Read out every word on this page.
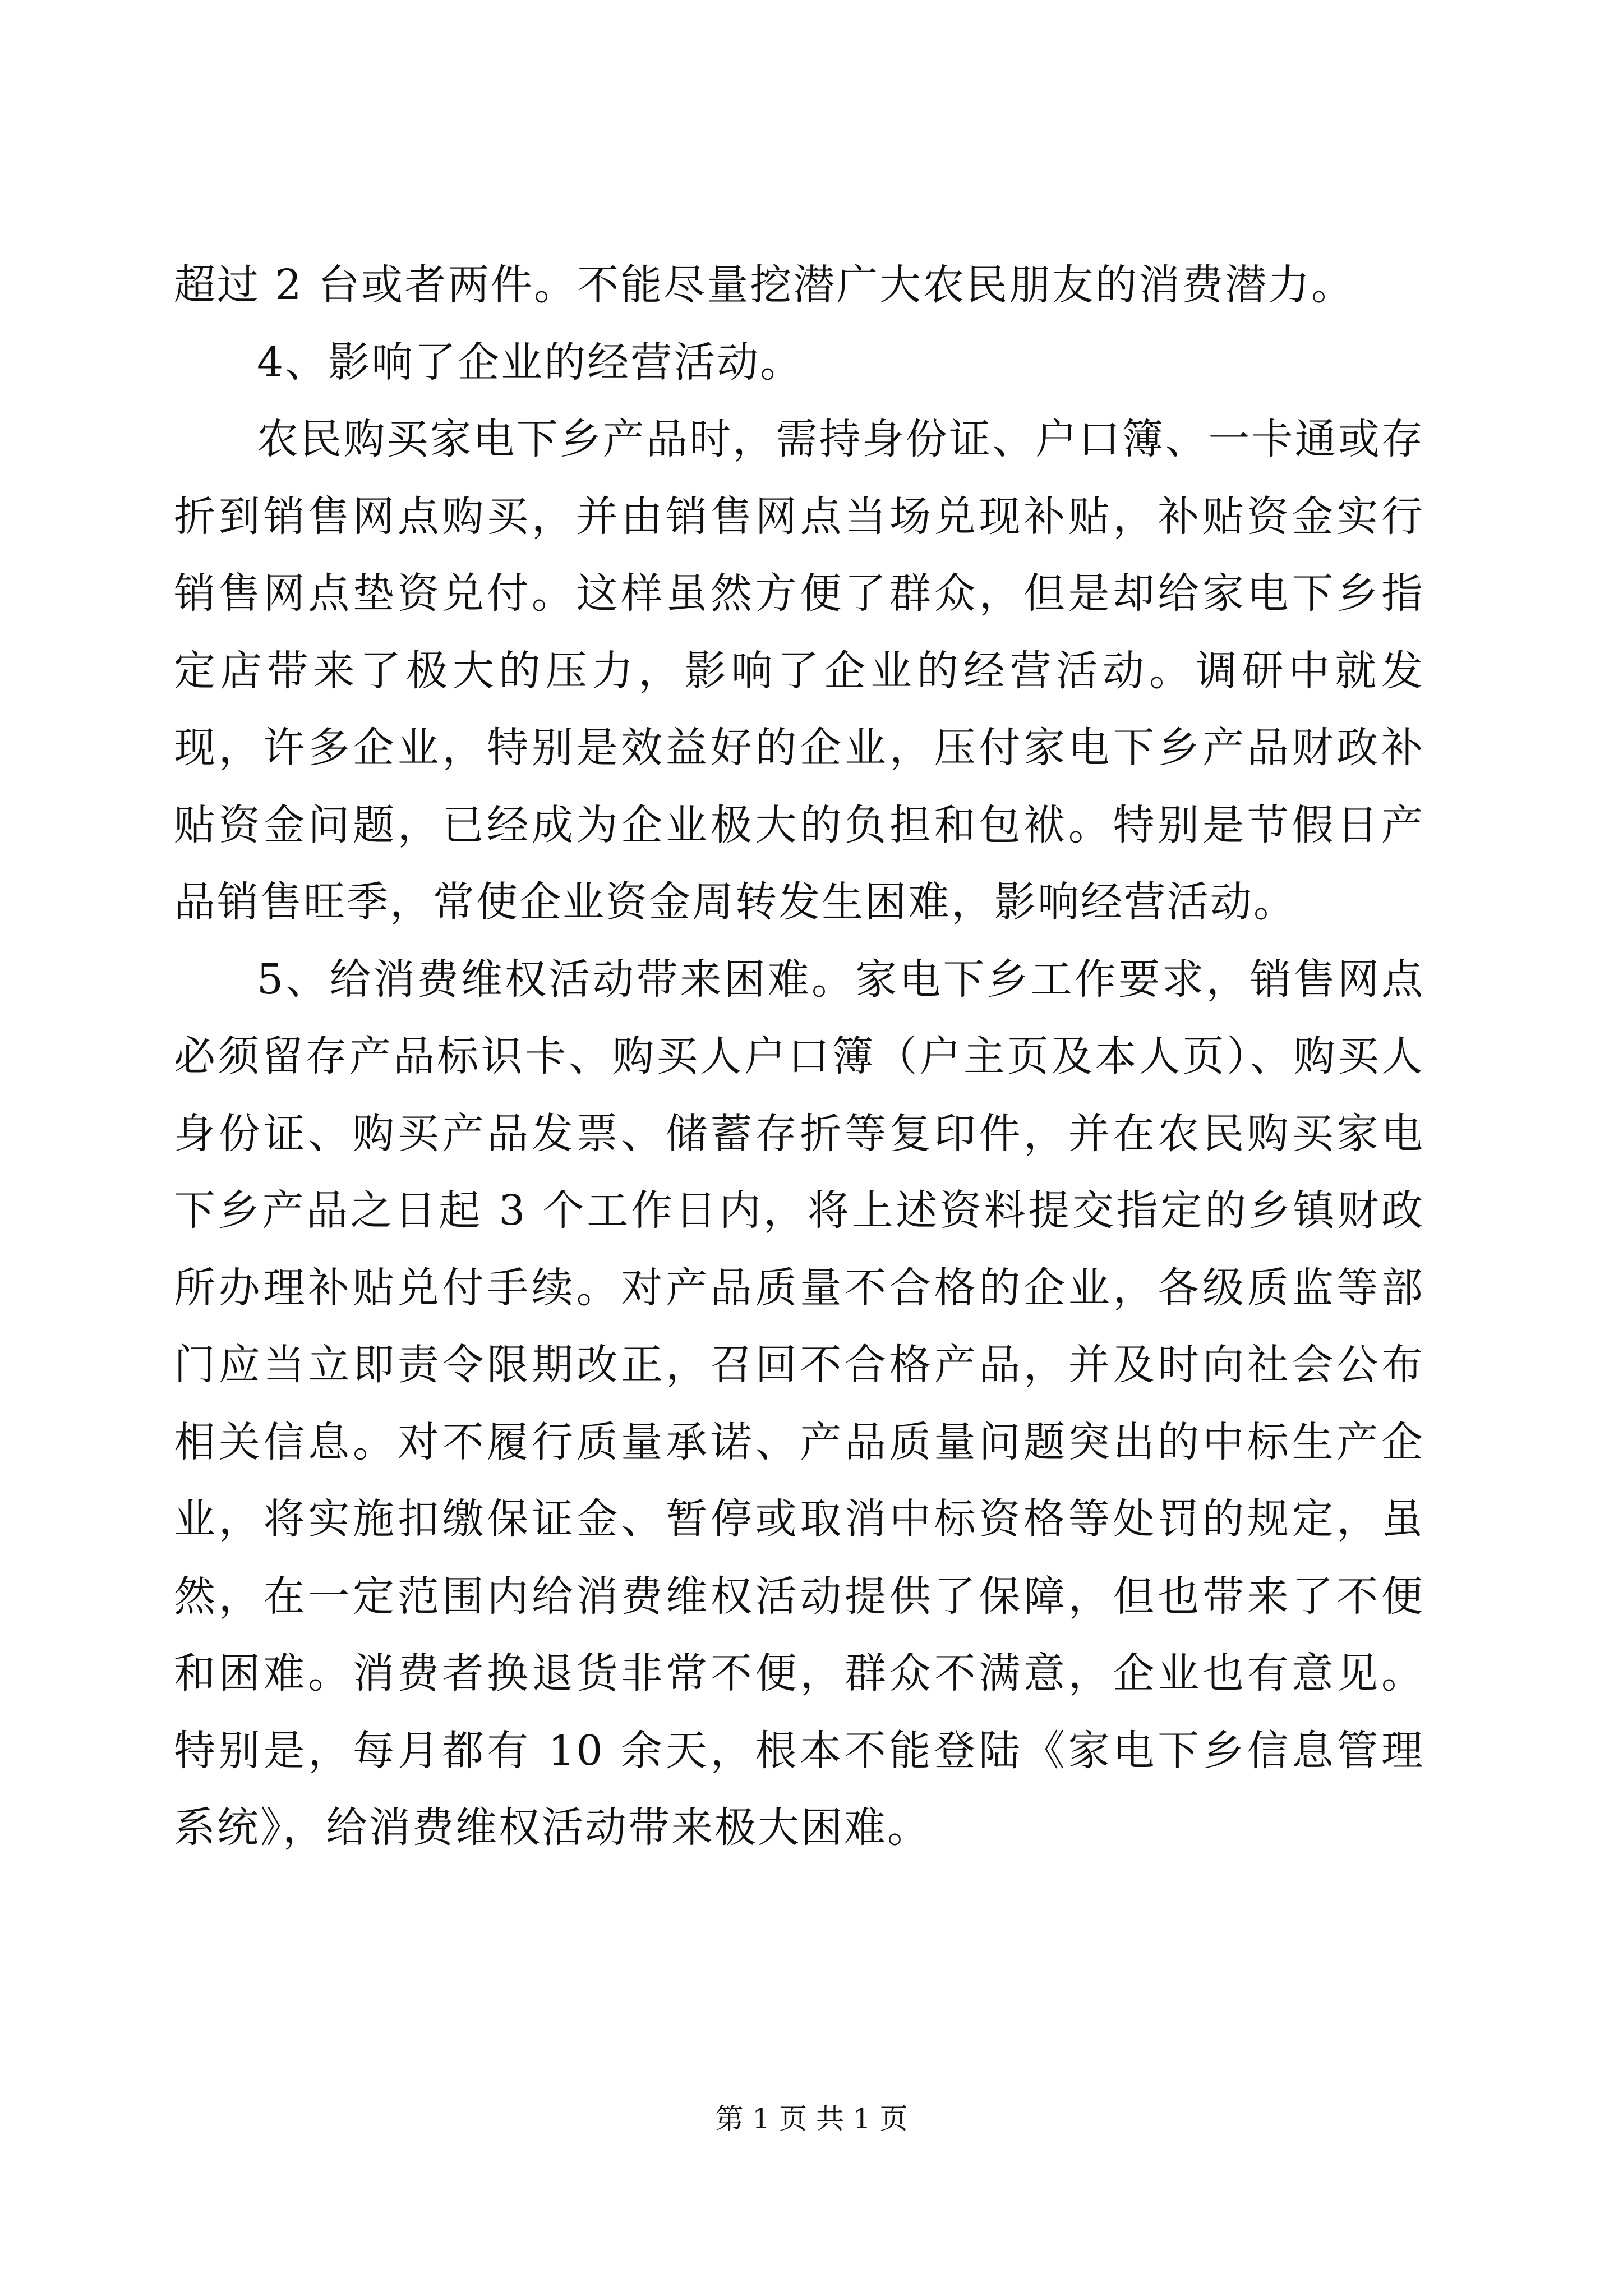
超过 2 台或者两件。不能尽量挖潜广大农民朋友的消费潜力。

4、影响了企业的经营活动。

农民购买家电下乡产品时，需持身份证、户口簿、一卡通或存折到销售网点购买，并由销售网点当场兑现补贴，补贴资金实行销售网点垫资兑付。这样虽然方便了群众，但是却给家电下乡指定店带来了极大的压力，影响了企业的经营活动。调研中就发现，许多企业，特别是效益好的企业，压付家电下乡产品财政补贴资金问题，已经成为企业极大的负担和包袱。特别是节假日产品销售旺季，常使企业资金周转发生困难，影响经营活动。

5、给消费维权活动带来困难。家电下乡工作要求，销售网点必须留存产品标识卡、购买人户口簿（户主页及本人页）、购买人身份证、购买产品发票、储蓄存折等复印件，并在农民购买家电下乡产品之日起 3 个工作日内，将上述资料提交指定的乡镇财政所办理补贴兑付手续。对产品质量不合格的企业，各级质监等部门应当立即责令限期改正，召回不合格产品，并及时向社会公布相关信息。对不履行质量承诺、产品质量问题突出的中标生产企业，将实施扣缴保证金、暂停或取消中标资格等处罚的规定，虽然，在一定范围内给消费维权活动提供了保障，但也带来了不便和困难。消费者换退货非常不便，群众不满意，企业也有意见。特别是，每月都有 10 余天，根本不能登陆《家电下乡信息管理系统》，给消费维权活动带来极大困难。

第 1 页 共 1 页
